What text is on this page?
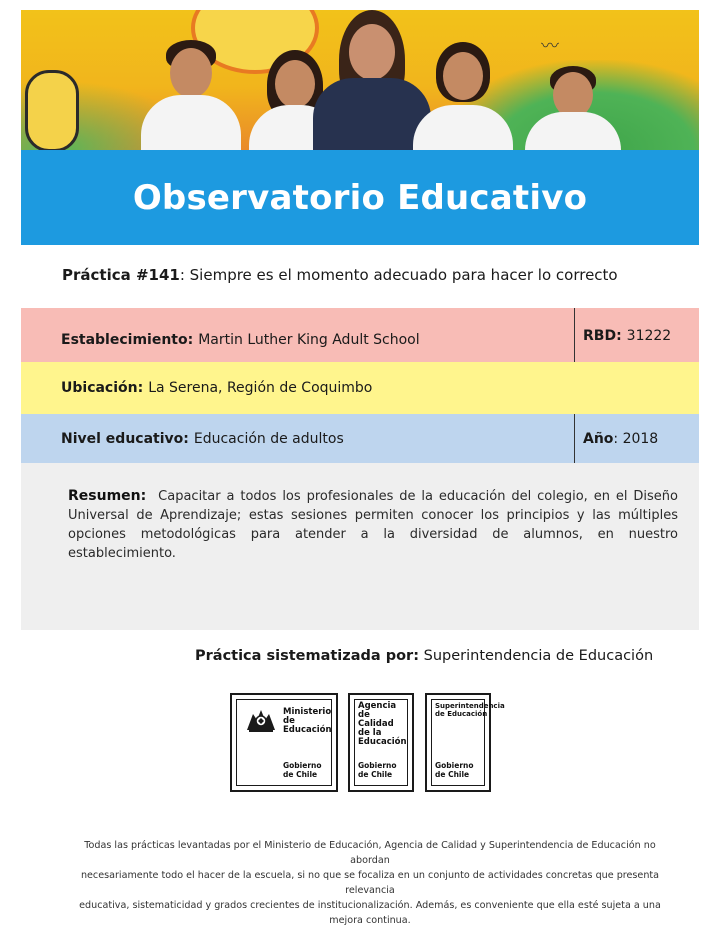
〰
Observatorio Educativo
Práctica #141: Siempre es el momento adecuado para hacer lo correcto
Establecimiento: Martin Luther King Adult School	RBD: 31222
Ubicación: La Serena, Región de Coquimbo
Nivel educativo: Educación de adultos	Año : 2018

Resumen: Capacitar a todos los profesionales de la educación del colegio, en el Diseño Universal de Aprendizaje; estas sesiones permiten conocer los principios y las múltiples opciones metodológicas para atender a la diversidad de alumnos, en nuestro establecimiento.

Práctica sistematizada por: Superintendencia de Educación
Ministerio de
Educación
Gobierno de Chile
Agencia de
Calidad de la
Educación
Gobierno de Chile
Superintendencia
de Educación
Gobierno de Chile
Todas las prácticas levantadas por el Ministerio de Educación, Agencia de Calidad y Superintendencia de Educación no abordan
necesariamente todo el hacer de la escuela, si no que se focaliza en un conjunto de actividades concretas que presenta relevancia
educativa, sistematicidad y grados crecientes de institucionalización. Además, es conveniente que ella esté sujeta a una mejora continua.
